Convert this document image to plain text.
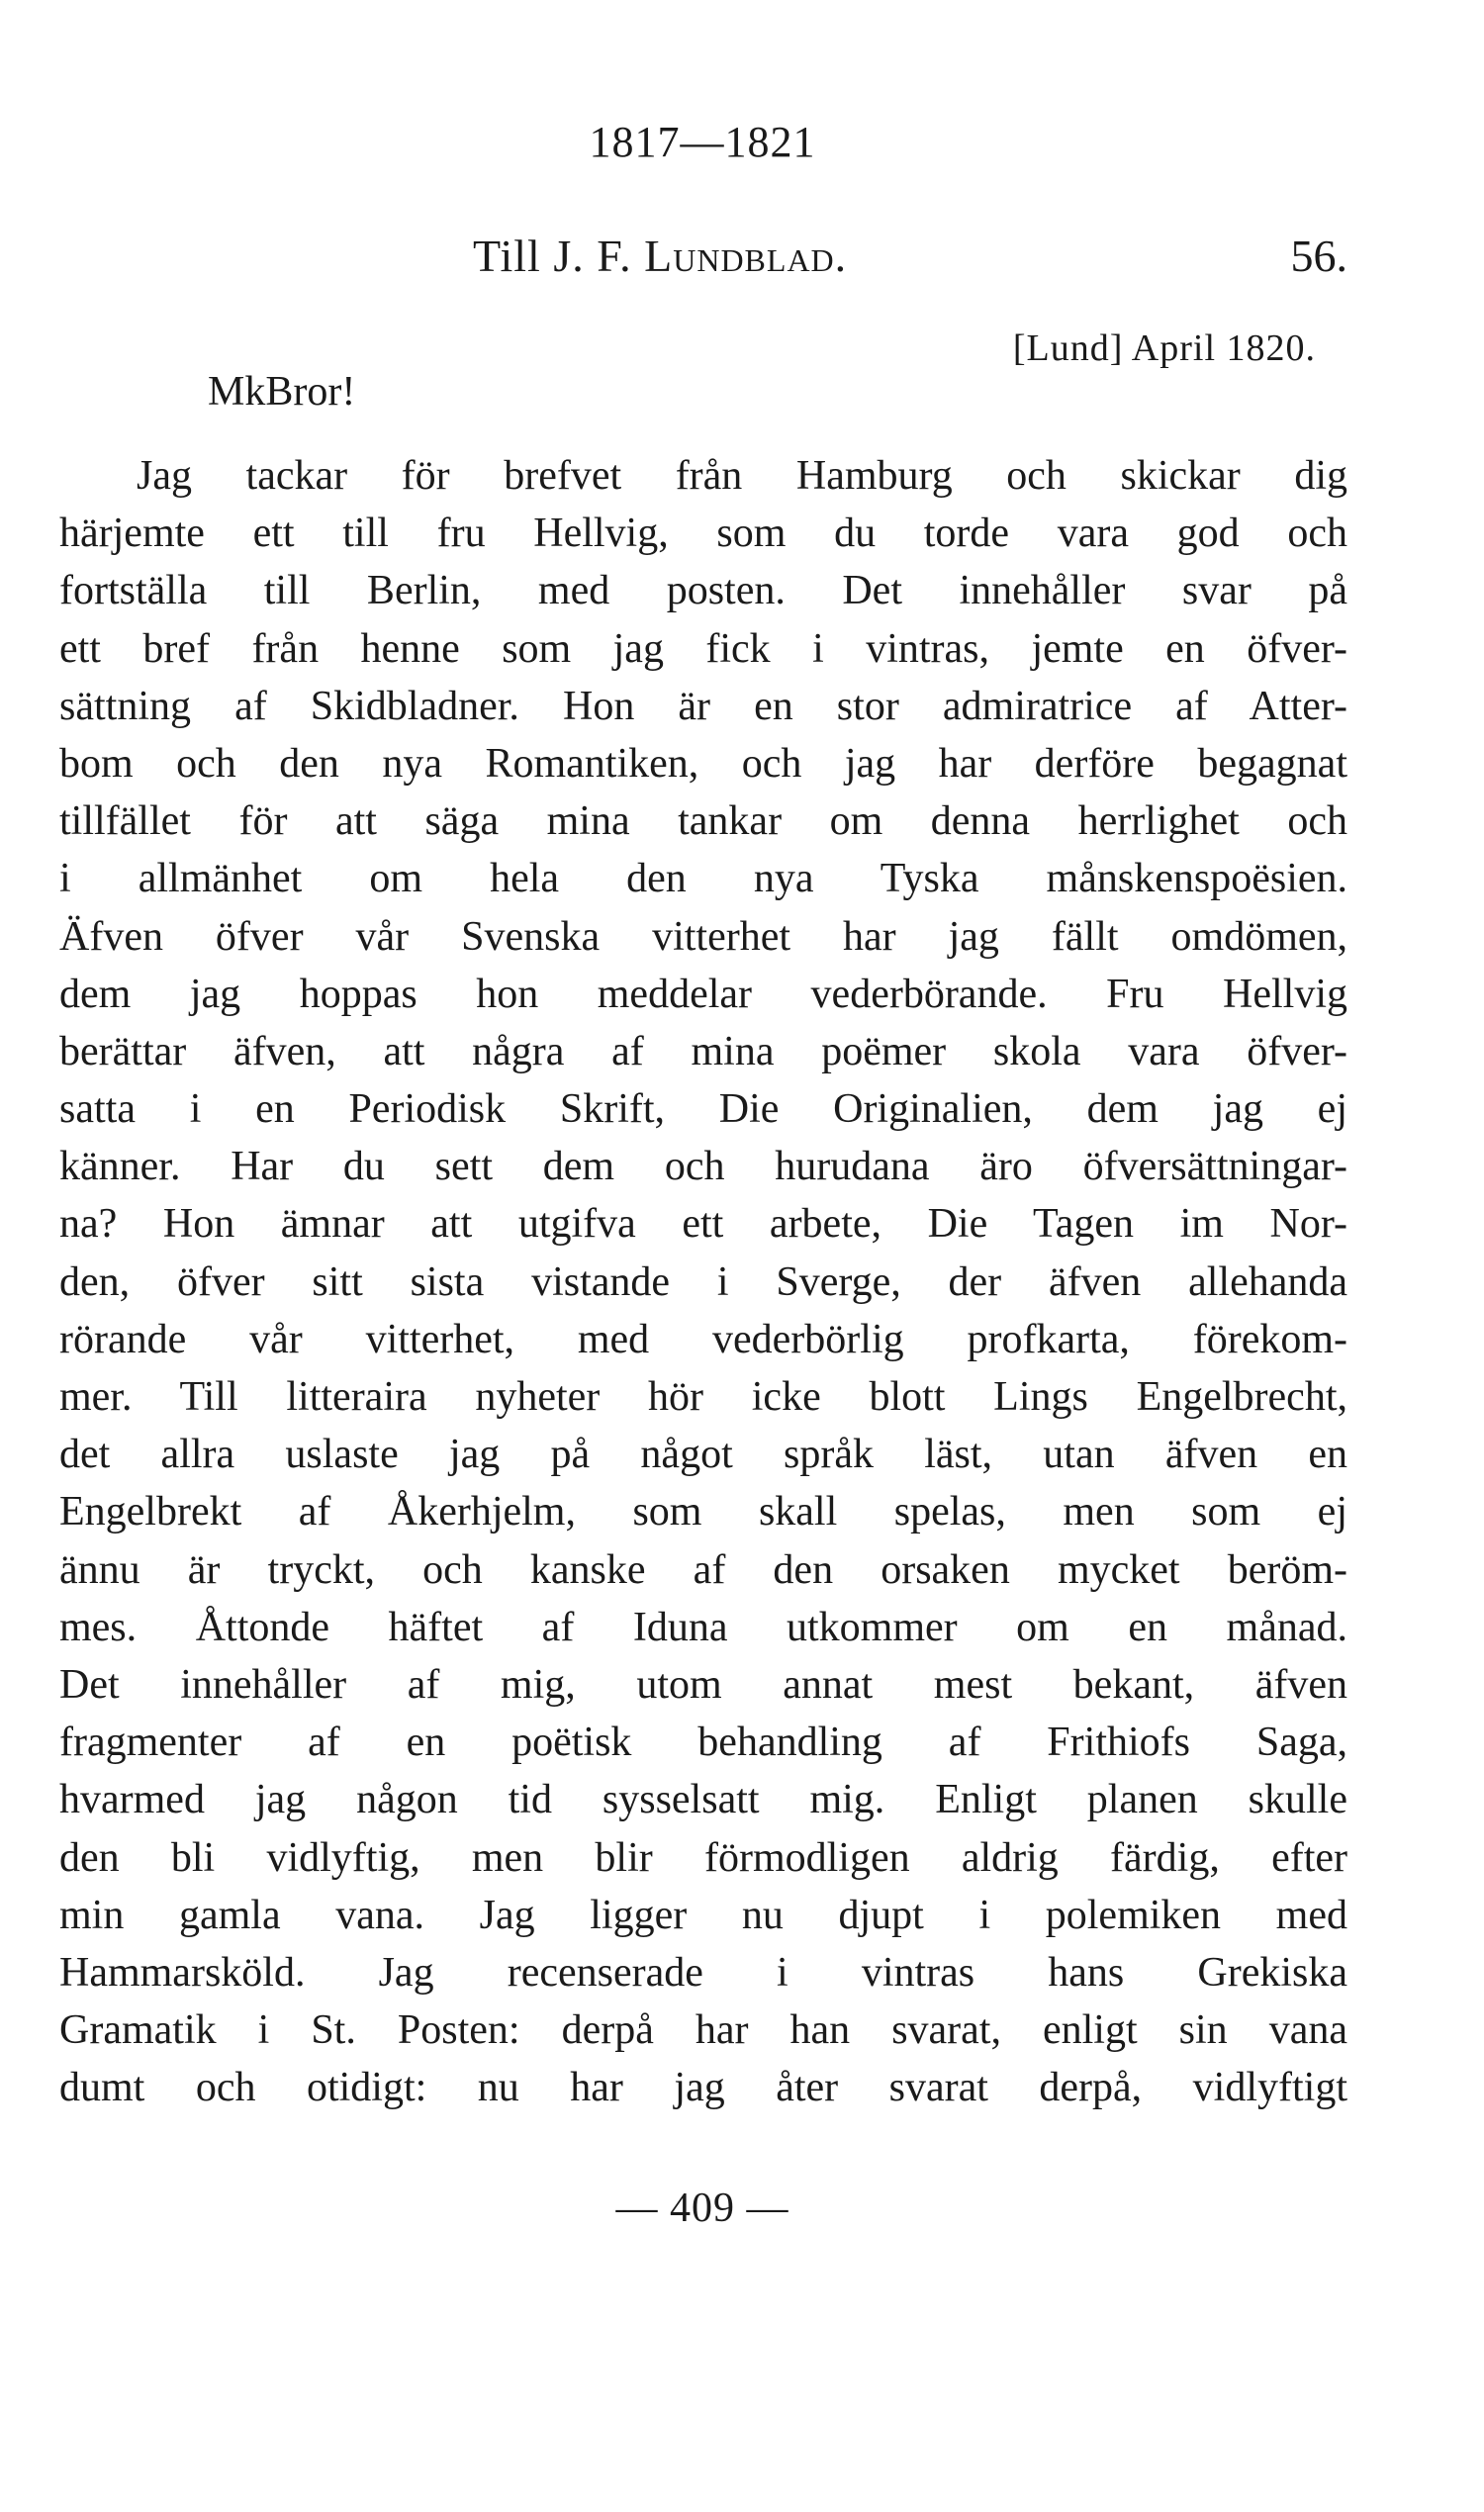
1817—1821
Till J. F. Lundblad.	56.
[Lund] April 1820.
MkBror!
Jag tackar för brefvet från Hamburg och skickar dig
härjemte ett till fru Hellvig, som du torde vara god och
fortställa till Berlin, med posten. Det innehåller svar på
ett bref från henne som jag fick i vintras, jemte en öfver-
sättning af Skidbladner. Hon är en stor admiratrice af Atter-
bom och den nya Romantiken, och jag har derföre begagnat
tillfället för att säga mina tankar om denna herrlighet och
i allmänhet om hela den nya Tyska månskenspoësien.
Äfven öfver vår Svenska vitterhet har jag fällt omdömen,
dem jag hoppas hon meddelar vederbörande. Fru Hellvig
berättar äfven, att några af mina poëmer skola vara öfver-
satta i en Periodisk Skrift, Die Originalien, dem jag ej
känner. Har du sett dem och hurudana äro öfversättningar-
na? Hon ämnar att utgifva ett arbete, Die Tagen im Nor-
den, öfver sitt sista vistande i Sverge, der äfven allehanda
rörande vår vitterhet, med vederbörlig profkarta, förekom-
mer. Till litteraira nyheter hör icke blott Lings Engelbrecht,
det allra uslaste jag på något språk läst, utan äfven en
Engelbrekt af Åkerhjelm, som skall spelas, men som ej
ännu är tryckt, och kanske af den orsaken mycket beröm-
mes. Åttonde häftet af Iduna utkommer om en månad.
Det innehåller af mig, utom annat mest bekant, äfven
fragmenter af en poëtisk behandling af Frithiofs Saga,
hvarmed jag någon tid sysselsatt mig. Enligt planen skulle
den bli vidlyftig, men blir förmodligen aldrig färdig, efter
min gamla vana. Jag ligger nu djupt i polemiken med
Hammarsköld. Jag recenserade i vintras hans Grekiska
Gramatik i St. Posten: derpå har han svarat, enligt sin vana
dumt och otidigt: nu har jag åter svarat derpå, vidlyftigt
— 409 —
